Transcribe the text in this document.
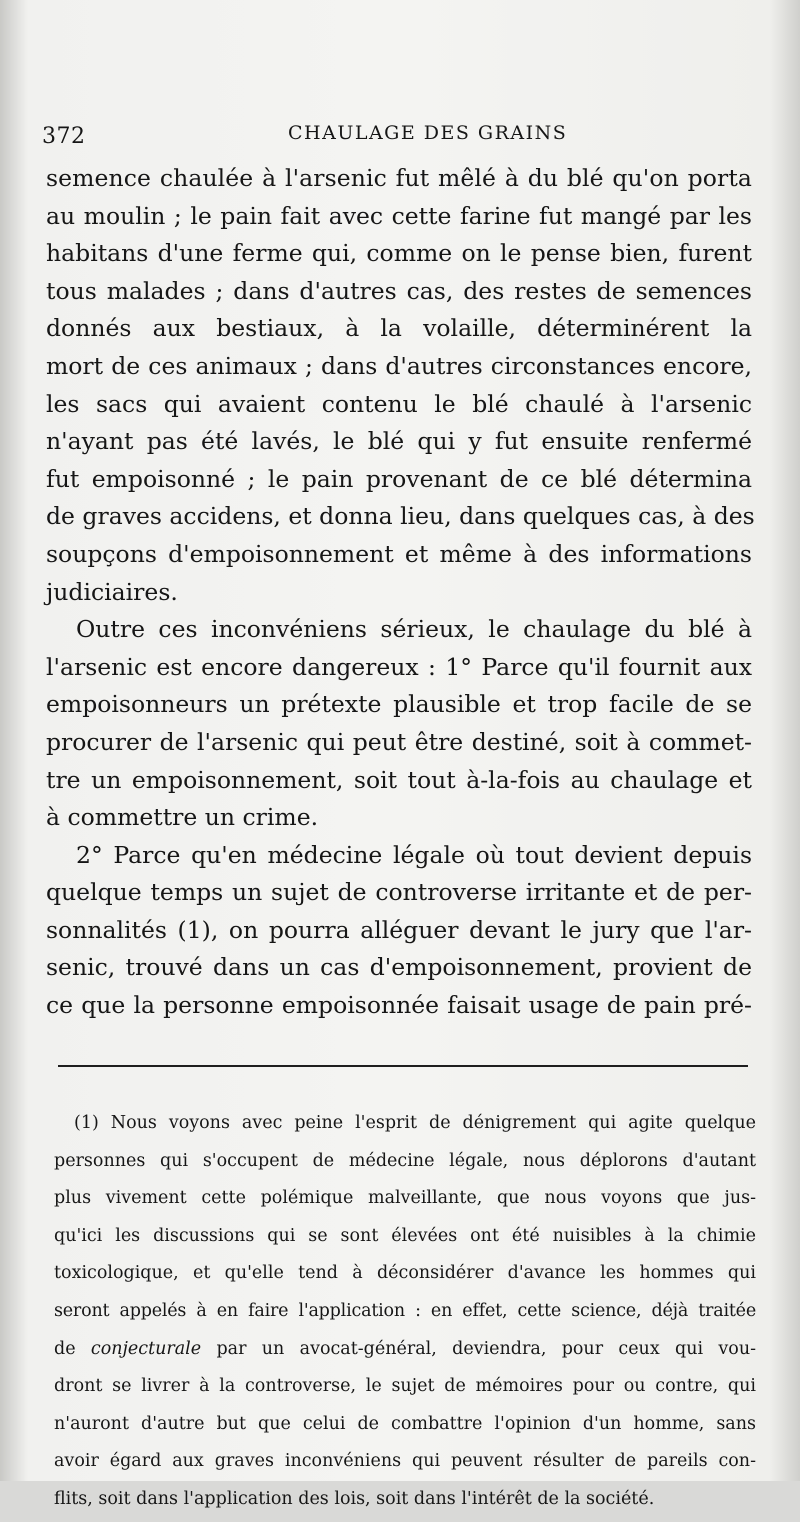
372	CHAULAGE DES GRAINS
semence chaulée à l'arsenic fut mêlé à du blé qu'on porta
au moulin ; le pain fait avec cette farine fut mangé par les
habitans d'une ferme qui, comme on le pense bien, furent
tous malades ; dans d'autres cas, des restes de semences
donnés aux bestiaux, à la volaille, déterminérent la
mort de ces animaux ; dans d'autres circonstances encore,
les sacs qui avaient contenu le blé chaulé à l'arsenic
n'ayant pas été lavés, le blé qui y fut ensuite renfermé
fut empoisonné ; le pain provenant de ce blé détermina
de graves accidens, et donna lieu, dans quelques cas, à des
soupçons d'empoisonnement et même à des informations
judiciaires.
Outre ces inconvéniens sérieux, le chaulage du blé à
l'arsenic est encore dangereux : 1° Parce qu'il fournit aux
empoisonneurs un prétexte plausible et trop facile de se
procurer de l'arsenic qui peut être destiné, soit à commet-
tre un empoisonnement, soit tout à-la-fois au chaulage et
à commettre un crime.
2° Parce qu'en médecine légale où tout devient depuis
quelque temps un sujet de controverse irritante et de per-
sonnalités (1), on pourra alléguer devant le jury que l'ar-
senic, trouvé dans un cas d'empoisonnement, provient de
ce que la personne empoisonnée faisait usage de pain pré-
(1) Nous voyons avec peine l'esprit de dénigrement qui agite quelque
personnes qui s'occupent de médecine légale, nous déplorons d'autant
plus vivement cette polémique malveillante, que nous voyons que jus-
qu'ici les discussions qui se sont élevées ont été nuisibles à la chimie
toxicologique, et qu'elle tend à déconsidérer d'avance les hommes qui
seront appelés à en faire l'application : en effet, cette science, déjà traitée
de conjecturale par un avocat-général, deviendra, pour ceux qui vou-
dront se livrer à la controverse, le sujet de mémoires pour ou contre, qui
n'auront d'autre but que celui de combattre l'opinion d'un homme, sans
avoir égard aux graves inconvéniens qui peuvent résulter de pareils con-
flits, soit dans l'application des lois, soit dans l'intérêt de la société.
